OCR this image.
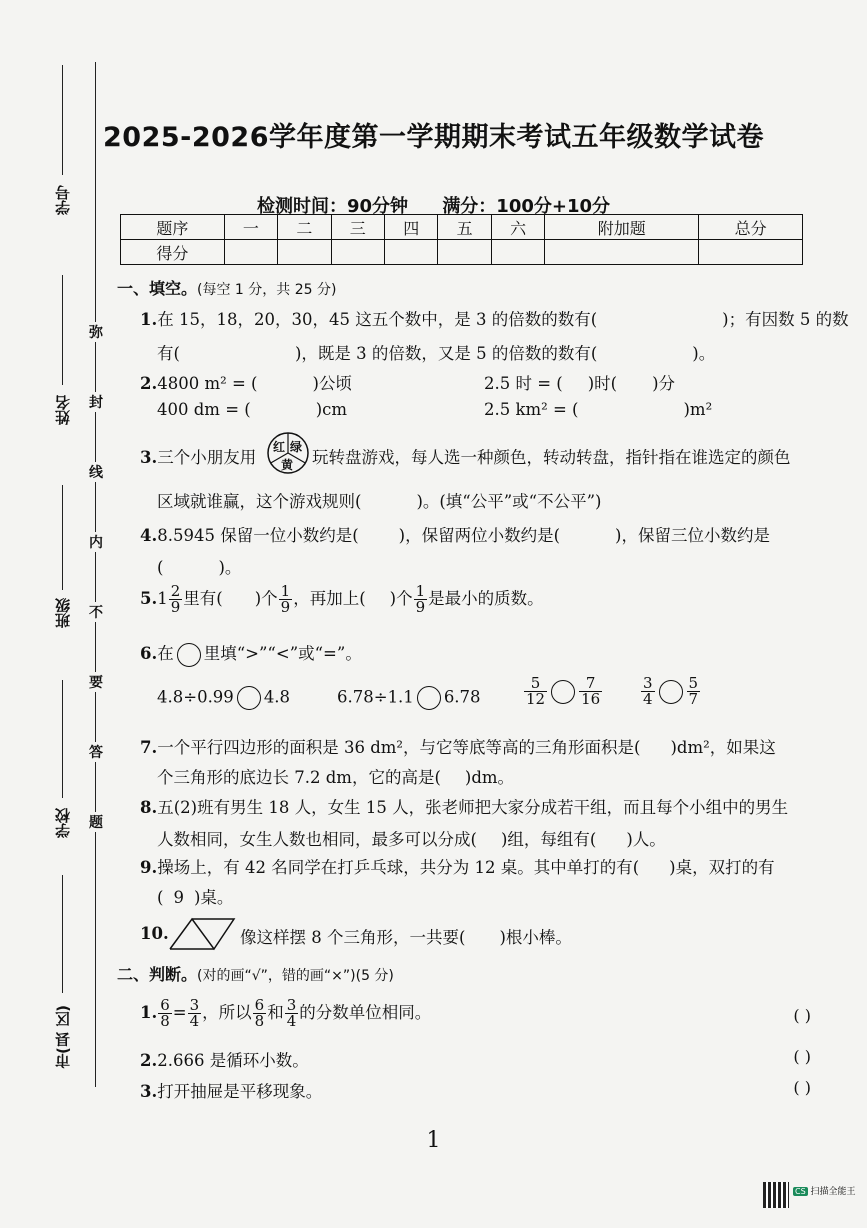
学号
姓名
班级
学校
市(县 区)
弥
封
线
内
不
要
答
题
2025-2026学年度第一学期期末考试五年级数学试卷
检测时间：90分钟 满分：100分+10分
题序	一	二	三	四	五	六	附加题	总分
得分								
一、填空。(每空 1 分，共 25 分)
1.在 15，18，20，30，45 这五个数中，是 3 的倍数的数有(	)；有因数 5 的数
有(	)，既是 3 的倍数，又是 5 的倍数的数有(	)。
2.4800 m² = (	)公顷	2.5 时 = ( )时( )分
400 dm = (	)cm	2.5 km² = (	)m²
3.三个小朋友用
红 绿
黄 玩转盘游戏，每人选一种颜色，转动转盘，指针指在谁选定的颜色
区域就谁赢，这个游戏规则(	)。(填“公平”或“不公平”)
4.8.5945 保留一位小数约是( )，保留两位小数约是(	)，保留三位小数约是
(	)。
$5.1 \frac{2}{9}$ 里有( )个 $\frac{1}{9}$ ，再加上( )个 $\frac{1}{9}$ 是最小的质数。
6.在 里填“>”“<”或“=”。
4.8÷0.99 4.8	6.78÷1.1 6.78	$\frac{5}{12} \frac{7}{16}$	$\frac{3}{4} \frac{5}{7}$
7.一个平行四边形的面积是 36 dm²，与它等底等高的三角形面积是( )dm²，如果这
个三角形的底边长 7.2 dm，它的高是( )dm。
8.五(2)班有男生 18 人，女生 15 人，张老师把大家分成若干组，而且每个小组中的男生
人数相同，女生人数也相同，最多可以分成( )组，每组有( )人。
9.操场上，有 42 名同学在打乒乓球，共分为 12 桌。其中单打的有( )桌，双打的有
( 9 )桌。
10.	像这样摆 8 个三角形，一共要( )根小棒。
二、判断。(对的画“√”，错的画“×”)(5 分)
1. $\frac{6}{8} = \frac{3}{4}$ ，所以 $\frac{6}{8}$ 和 $\frac{3}{4}$ 的分数单位相同。	( )
2.2.666 是循环小数。	( )
3.打开抽屉是平移现象。	( )
1
CS 扫描全能王
